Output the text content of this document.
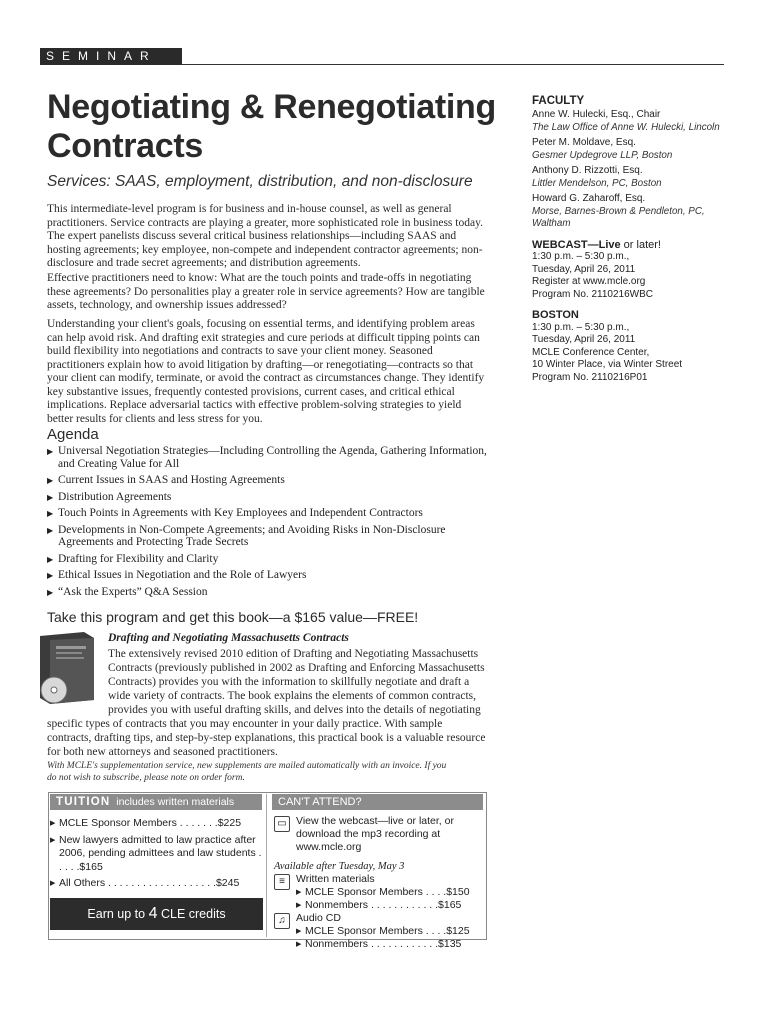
SEMINAR
Negotiating & Renegotiating Contracts
Services: SAAS, employment, distribution, and non-disclosure

This intermediate-level program is for business and in-house counsel, as well as general practitioners. Service contracts are playing a greater, more sophisticated role in business today. The expert panelists discuss several critical business relationships—including SAAS and hosting agreements; key employee, non-compete and independent contractor agreements; non-disclosure and trade secret agreements; and distribution agreements.

Effective practitioners need to know: What are the touch points and trade-offs in negotiating these agreements? Do personalities play a greater role in service agreements? How are tangible assets, technology, and ownership issues addressed?

Understanding your client's goals, focusing on essential terms, and identifying problem areas can help avoid risk. And drafting exit strategies and cure periods at difficult tipping points can build flexibility into negotiations and contracts to save your client money. Seasoned practitioners explain how to avoid litigation by drafting—or renegotiating—contracts so that your client can modify, terminate, or avoid the contract as circumstances change. They identify key substantive issues, frequently contested provisions, current cases, and critical ethical implications. Replace adversarial tactics with effective problem-solving strategies to yield better results for clients and less stress for you.

Agenda
▶ Universal Negotiation Strategies—Including Controlling the Agenda, Gathering Information, and Creating Value for All
▶ Current Issues in SAAS and Hosting Agreements
▶ Distribution Agreements
▶ Touch Points in Agreements with Key Employees and Independent Contractors
▶ Developments in Non-Compete Agreements; and Avoiding Risks in Non-Disclosure Agreements and Protecting Trade Secrets
▶ Drafting for Flexibility and Clarity
▶ Ethical Issues in Negotiation and the Role of Lawyers
▶ “Ask the Experts” Q&A Session
Take this program and get this book—a $165 value—FREE!
Drafting and Negotiating Massachusetts Contracts
The extensively revised 2010 edition of Drafting and Negotiating Massachusetts
Contracts (previously published in 2002 as Drafting and Enforcing Massachusetts
Contracts) provides you with the information to skillfully negotiate and draft a
wide variety of contracts. The book explains the elements of common contracts,
provides you with useful drafting skills, and delves into the details of negotiating
specific types of contracts that you may encounter in your daily practice. With sample contracts, drafting tips, and step-by-step explanations, this practical book is a valuable resource for both new attorneys and seasoned practitioners.
With MCLE's supplementation service, new supplements are mailed automatically with an invoice. If you do not wish to subscribe, please note on order form.
TUITION includes written materials	CAN'T ATTEND?
▶ MCLE Sponsor Members . . . . . . .$225
▶ New lawyers admitted to law practice after 2006, pending admittees and law students . . . . .$165
▶ All Others . . . . . . . . . . . . . . . . . . .$245
Earn up to 4 CLE credits
▭ View the webcast—live or later, or download the mp3 recording at www.mcle.org
Available after Tuesday, May 3
≡	Written materials
▶ MCLE Sponsor Members . . . .$150
▶ Nonmembers . . . . . . . . . . . .$165
♫ Audio CD
▶ MCLE Sponsor Members . . . .$125
▶ Nonmembers . . . . . . . . . . . .$135
FACULTY
Anne W. Hulecki, Esq., Chair
The Law Office of Anne W. Hulecki, Lincoln
Peter M. Moldave, Esq.
Gesmer Updegrove LLP, Boston
Anthony D. Rizzotti, Esq.
Littler Mendelson, PC, Boston
Howard G. Zaharoff, Esq.
Morse, Barnes-Brown & Pendleton, PC, Waltham
WEBCAST—Live or later!
1:30 p.m. – 5:30 p.m.,
Tuesday, April 26, 2011
Register at www.mcle.org
Program No. 2110216WBC
BOSTON
1:30 p.m. – 5:30 p.m.,
Tuesday, April 26, 2011
MCLE Conference Center,
10 Winter Place, via Winter Street
Program No. 2110216P01
